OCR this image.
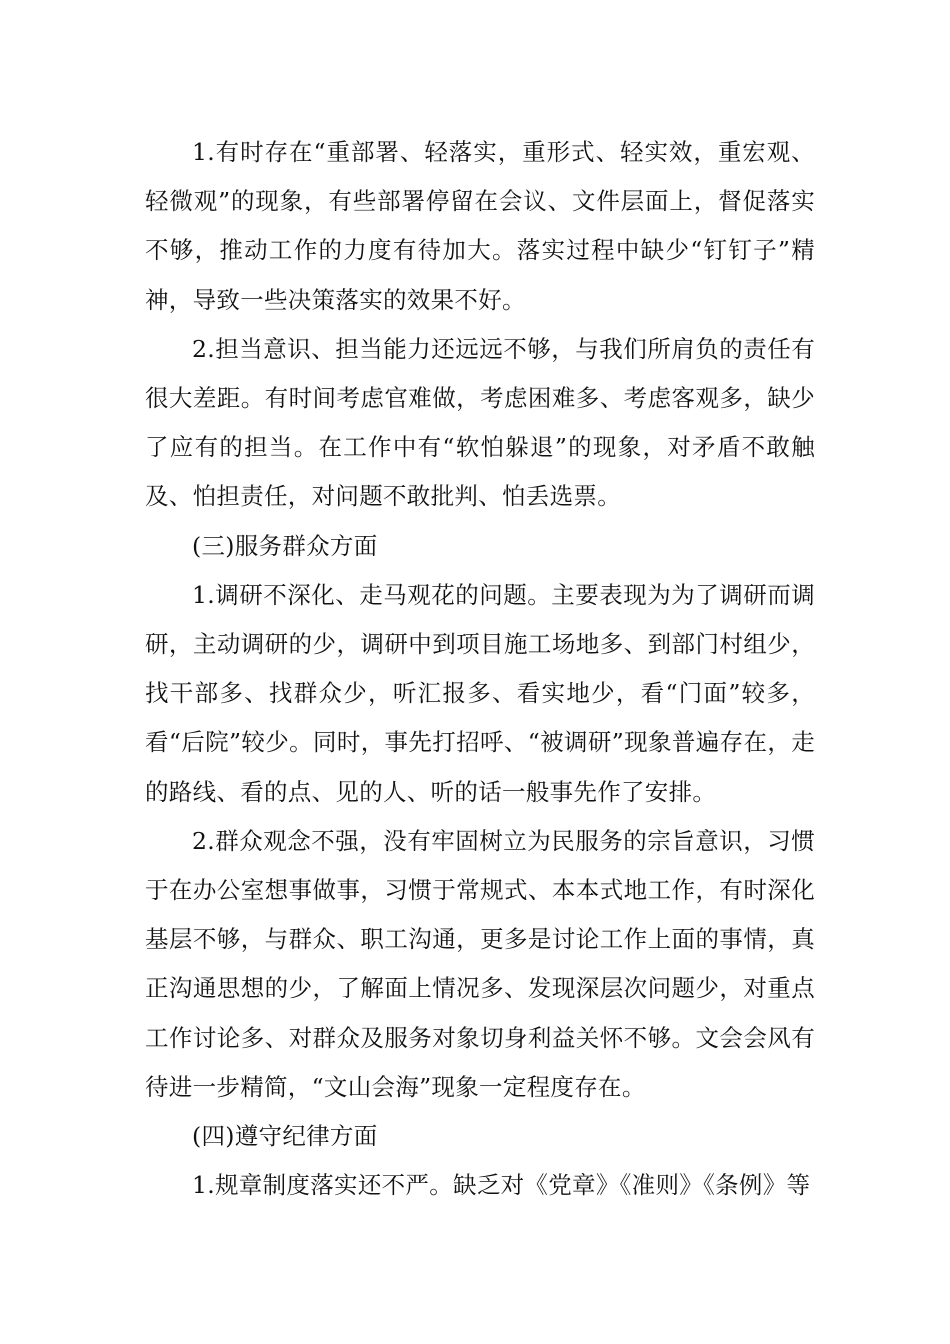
1.有时存在“重部署、轻落实，重形式、轻实效，重宏观、轻微观”的现象，有些部署停留在会议、文件层面上，督促落实不够，推动工作的力度有待加大。落实过程中缺少“钉钉子”精神，导致一些决策落实的效果不好。

2.担当意识、担当能力还远远不够，与我们所肩负的责任有很大差距。有时间考虑官难做，考虑困难多、考虑客观多，缺少了应有的担当。在工作中有“软怕躲退”的现象，对矛盾不敢触及、怕担责任，对问题不敢批判、怕丢选票。

(三)服务群众方面

1.调研不深化、走马观花的问题。主要表现为为了调研而调研，主动调研的少，调研中到项目施工场地多、到部门村组少，找干部多、找群众少，听汇报多、看实地少，看“门面”较多，看“后院”较少。同时，事先打招呼、“被调研”现象普遍存在，走的路线、看的点、见的人、听的话一般事先作了安排。

2.群众观念不强，没有牢固树立为民服务的宗旨意识，习惯于在办公室想事做事，习惯于常规式、本本式地工作，有时深化基层不够，与群众、职工沟通，更多是讨论工作上面的事情，真正沟通思想的少，了解面上情况多、发现深层次问题少，对重点工作讨论多、对群众及服务对象切身利益关怀不够。文会会风有待进一步精简，“文山会海”现象一定程度存在。

(四)遵守纪律方面

1.规章制度落实还不严。缺乏对《党章》《准则》《条例》等
